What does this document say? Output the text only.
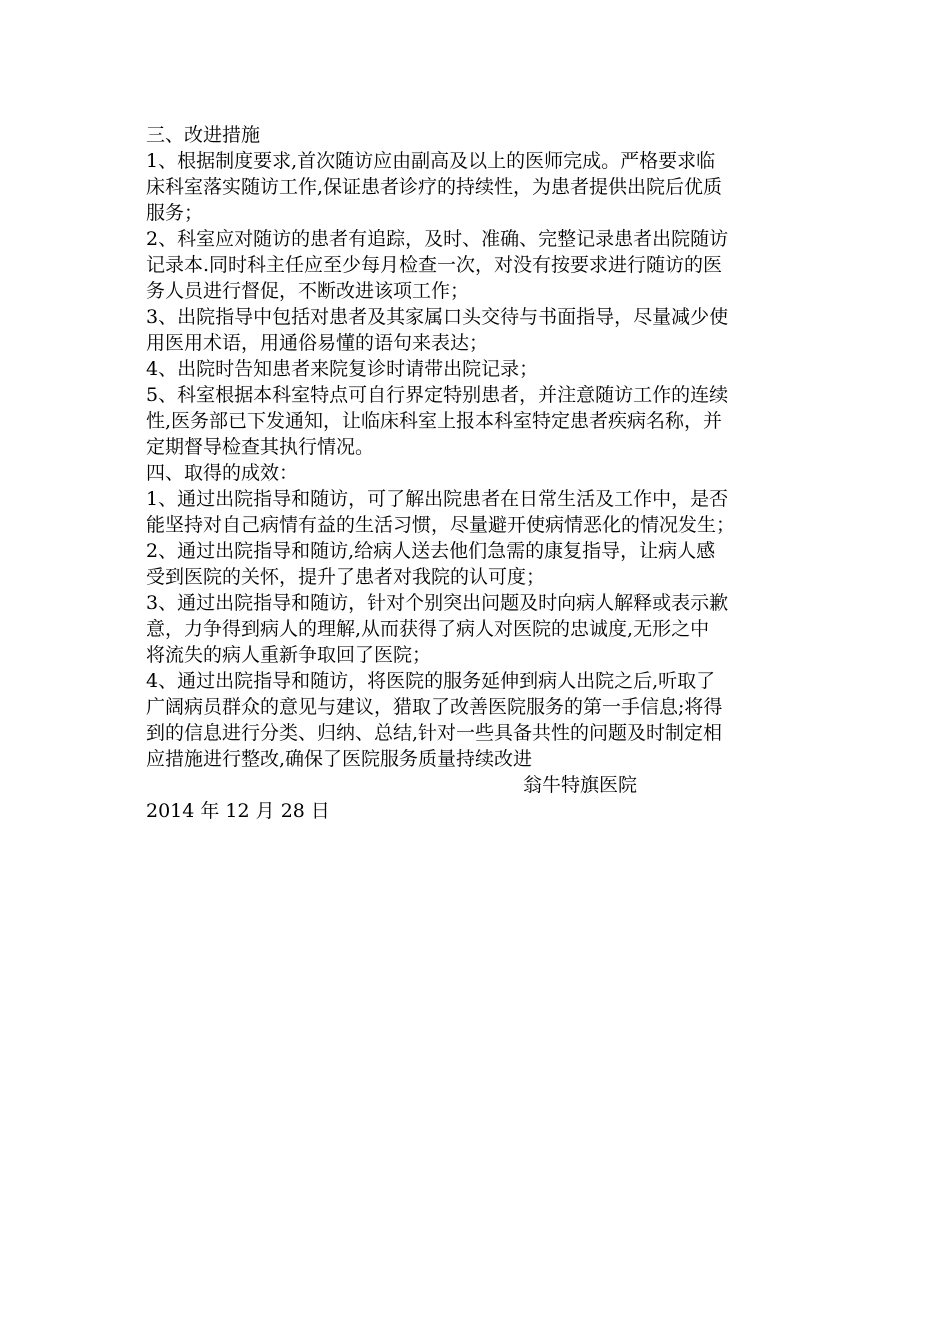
三、改进措施
1、根据制度要求,首次随访应由副高及以上的医师完成。严格要求临
床科室落实随访工作,保证患者诊疗的持续性，为患者提供出院后优质
服务；
2、科室应对随访的患者有追踪，及时、准确、完整记录患者出院随访
记录本.同时科主任应至少每月检查一次，对没有按要求进行随访的医
务人员进行督促，不断改进该项工作；
3、出院指导中包括对患者及其家属口头交待与书面指导，尽量减少使
用医用术语，用通俗易懂的语句来表达；
4、出院时告知患者来院复诊时请带出院记录；
5、科室根据本科室特点可自行界定特别患者，并注意随访工作的连续
性,医务部已下发通知，让临床科室上报本科室特定患者疾病名称，并
定期督导检查其执行情况。
四、取得的成效：
1、通过出院指导和随访，可了解出院患者在日常生活及工作中，是否
能坚持对自己病情有益的生活习惯，尽量避开使病情恶化的情况发生；
2、通过出院指导和随访,给病人送去他们急需的康复指导，让病人感
受到医院的关怀，提升了患者对我院的认可度；
3、通过出院指导和随访，针对个别突出问题及时向病人解释或表示歉
意，力争得到病人的理解,从而获得了病人对医院的忠诚度,无形之中
将流失的病人重新争取回了医院；
4、通过出院指导和随访，将医院的服务延伸到病人出院之后,听取了
广阔病员群众的意见与建议，猎取了改善医院服务的第一手信息;将得
到的信息进行分类、归纳、总结,针对一些具备共性的问题及时制定相
应措施进行整改,确保了医院服务质量持续改进
翁牛特旗医院
2014 年 12 月 28 日
